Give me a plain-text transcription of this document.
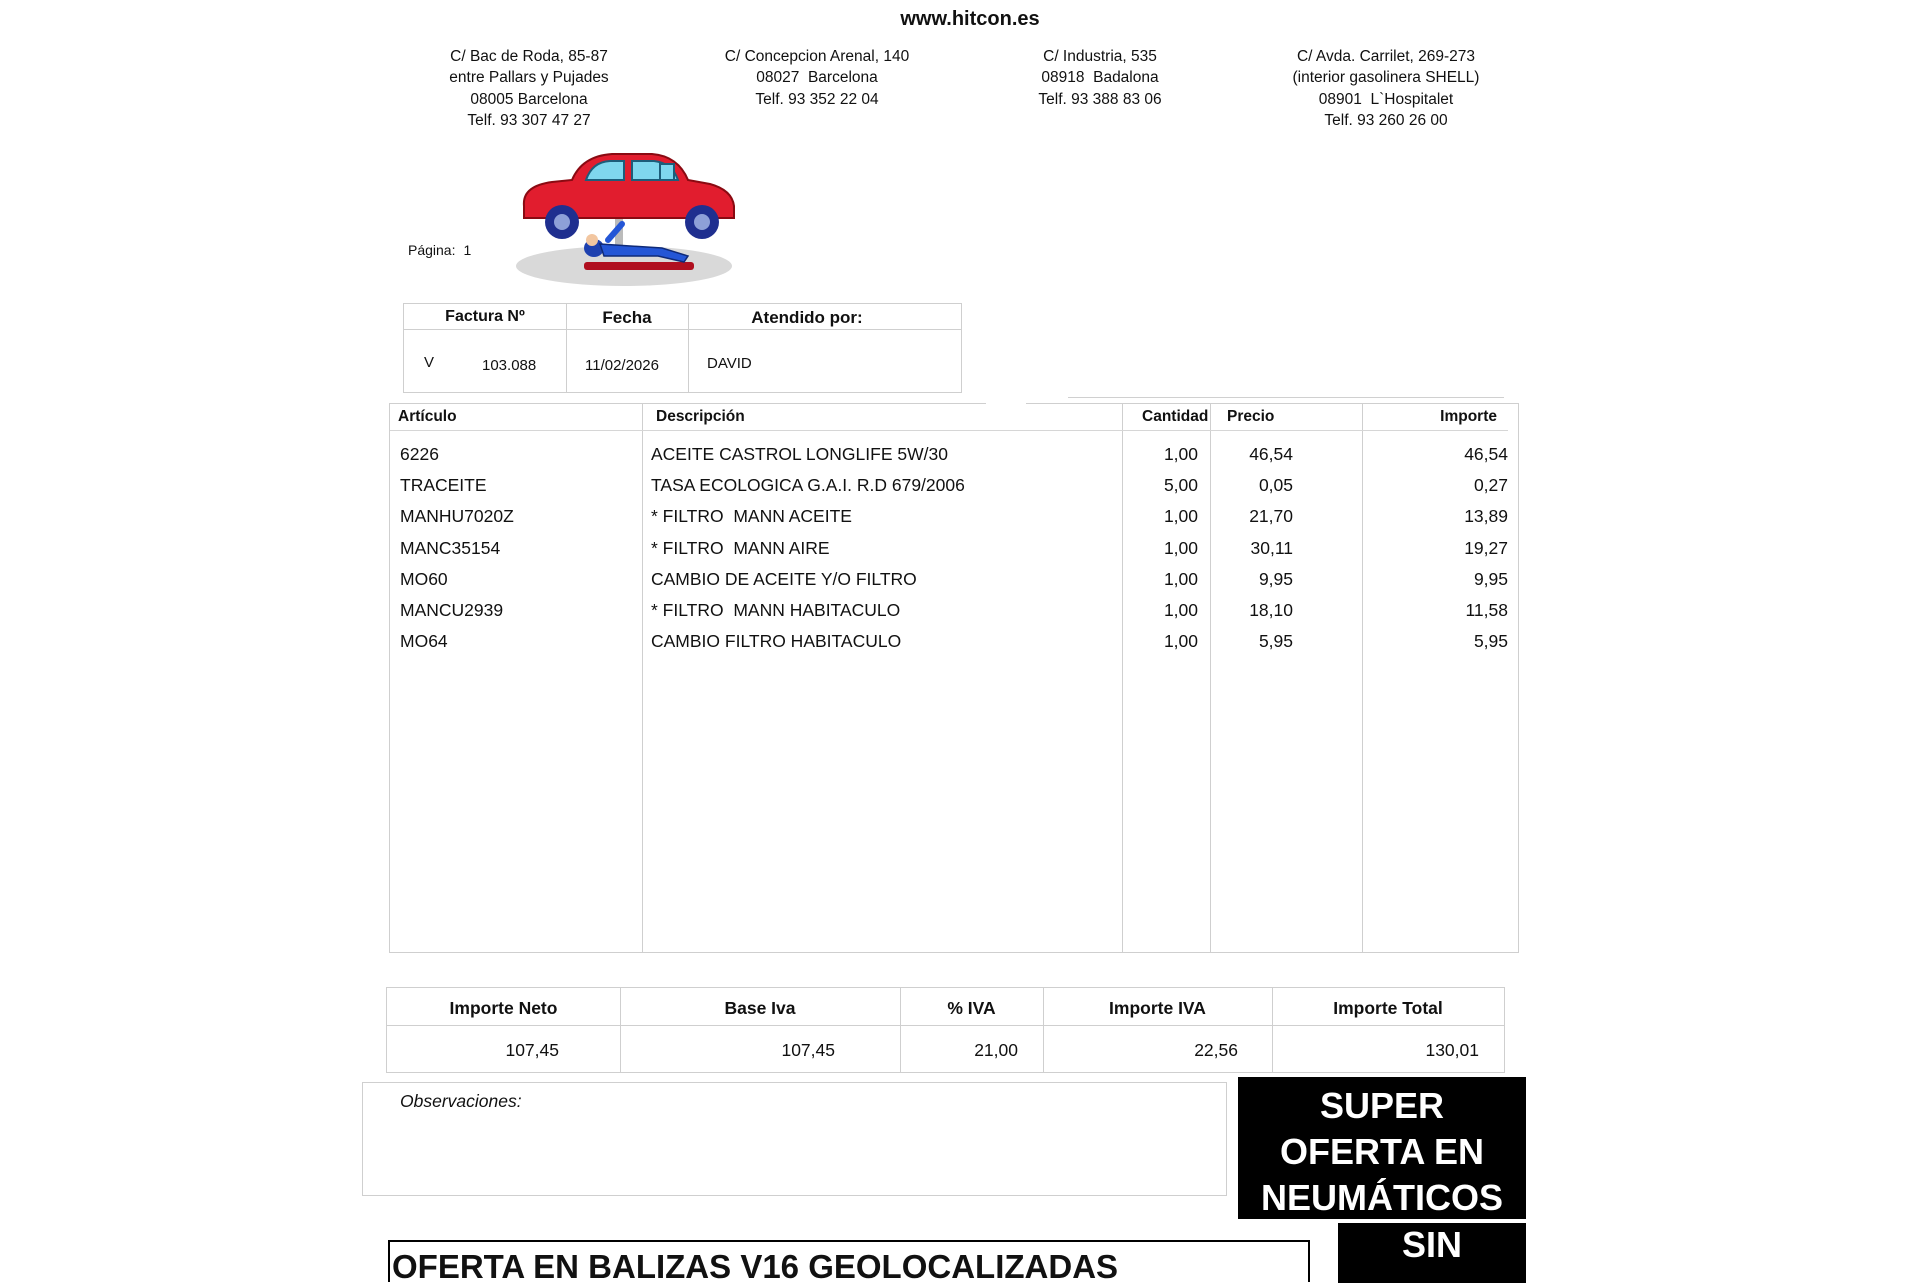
www.hitcon.es
C/ Bac de Roda, 85-87
entre Pallars y Pujades
08005 Barcelona
Telf. 93 307 47 27
C/ Concepcion Arenal, 140
08027  Barcelona
Telf. 93 352 22 04
C/ Industria, 535
08918  Badalona
Telf. 93 388 83 06
C/ Avda. Carrilet, 269-273
(interior gasolinera SHELL)
08901  L`Hospitalet
Telf. 93 260 26 00
Página: 1
Factura Nº	Fecha	Atendido por:
V	103.088	11/02/2026	DAVID
Artículo	Descripción	Cantidad Precio	Importe
6226	ACEITE CASTROL LONGLIFE 5W/30	1,00	46,54	46,54
TRACEITE	TASA ECOLOGICA G.A.I. R.D 679/2006	5,00	0,05	0,27
MANHU7020Z	* FILTRO  MANN ACEITE	1,00	21,70	13,89
MANC35154	* FILTRO  MANN AIRE	1,00	30,11	19,27
MO60	CAMBIO DE ACEITE Y/O FILTRO	1,00	9,95	9,95
MANCU2939	* FILTRO  MANN HABITACULO	1,00	18,10	11,58
MO64	CAMBIO FILTRO HABITACULO	1,00	5,95	5,95
Importe Neto	Base Iva	% IVA	Importe IVA	Importe Total
107,45	107,45	21,00	22,56	130,01
Observaciones:	SUPER
OFERTA EN
NEUMÁTICOS
SIN
OFERTA EN BALIZAS V16 GEOLOCALIZADAS
